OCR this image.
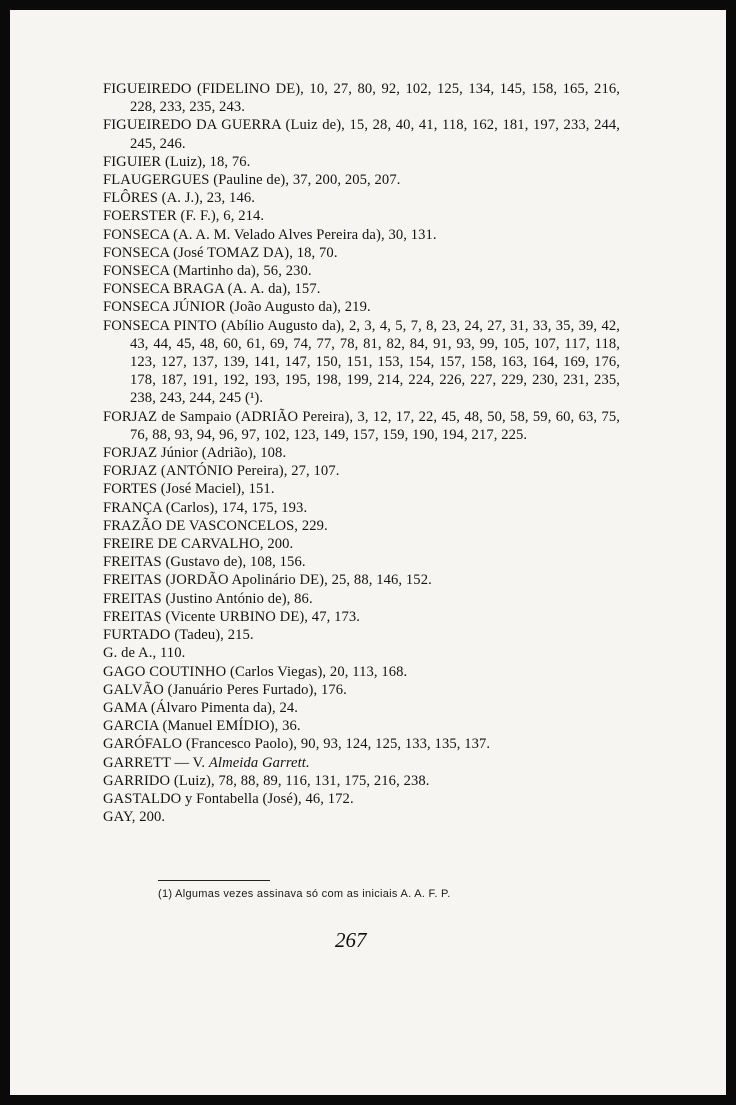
FIGUEIREDO (FIDELINO DE), 10, 27, 80, 92, 102, 125, 134, 145, 158, 165, 216, 228, 233, 235, 243.
FIGUEIREDO DA GUERRA (Luiz de), 15, 28, 40, 41, 118, 162, 181, 197, 233, 244, 245, 246.
FIGUIER (Luiz), 18, 76.
FLAUGERGUES (Pauline de), 37, 200, 205, 207.
FLÔRES (A. J.), 23, 146.
FOERSTER (F. F.), 6, 214.
FONSECA (A. A. M. Velado Alves Pereira da), 30, 131.
FONSECA (José TOMAZ DA), 18, 70.
FONSECA (Martinho da), 56, 230.
FONSECA BRAGA (A. A. da), 157.
FONSECA JÚNIOR (João Augusto da), 219.
FONSECA PINTO (Abílio Augusto da), 2, 3, 4, 5, 7, 8, 23, 24, 27, 31, 33, 35, 39, 42, 43, 44, 45, 48, 60, 61, 69, 74, 77, 78, 81, 82, 84, 91, 93, 99, 105, 107, 117, 118, 123, 127, 137, 139, 141, 147, 150, 151, 153, 154, 157, 158, 163, 164, 169, 176, 178, 187, 191, 192, 193, 195, 198, 199, 214, 224, 226, 227, 229, 230, 231, 235, 238, 243, 244, 245 (¹).
FORJAZ de Sampaio (ADRIÃO Pereira), 3, 12, 17, 22, 45, 48, 50, 58, 59, 60, 63, 75, 76, 88, 93, 94, 96, 97, 102, 123, 149, 157, 159, 190, 194, 217, 225.
FORJAZ Júnior (Adrião), 108.
FORJAZ (ANTÓNIO Pereira), 27, 107.
FORTES (José Maciel), 151.
FRANÇA (Carlos), 174, 175, 193.
FRAZÃO DE VASCONCELOS, 229.
FREIRE DE CARVALHO, 200.
FREITAS (Gustavo de), 108, 156.
FREITAS (JORDÃO Apolinário DE), 25, 88, 146, 152.
FREITAS (Justino António de), 86.
FREITAS (Vicente URBINO DE), 47, 173.
FURTADO (Tadeu), 215.
G. de A., 110.
GAGO COUTINHO (Carlos Viegas), 20, 113, 168.
GALVÃO (Januário Peres Furtado), 176.
GAMA (Álvaro Pimenta da), 24.
GARCIA (Manuel EMÍDIO), 36.
GARÓFALO (Francesco Paolo), 90, 93, 124, 125, 133, 135, 137.
GARRETT — V. Almeida Garrett.
GARRIDO (Luiz), 78, 88, 89, 116, 131, 175, 216, 238.
GASTALDO y Fontabella (José), 46, 172.
GAY, 200.
(1) Algumas vezes assinava só com as iniciais A. A. F. P.
267
